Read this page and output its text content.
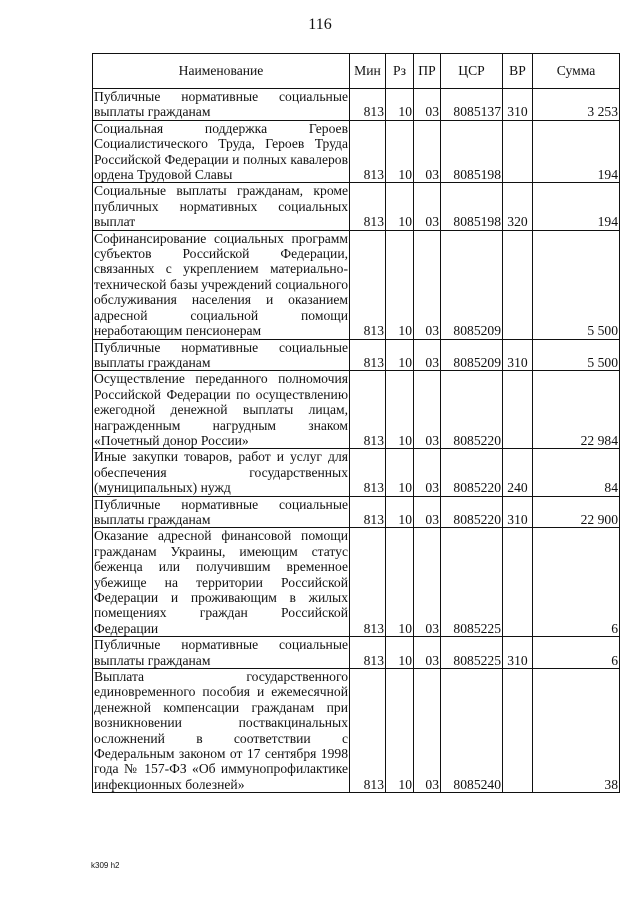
116
Наименование	Мин	Рз	ПР	ЦСР	ВР	Сумма
Публичные нормативные социальные выплаты гражданам	813	10	03	8085137	310	3 253
Социальная поддержка Героев Социалистического Труда, Героев Труда Российской Федерации и полных кавалеров ордена Трудовой Славы	813	10	03	8085198		194
Социальные выплаты гражданам, кроме публичных нормативных социальных выплат	813	10	03	8085198	320	194
Софинансирование социальных программ субъектов Российской Федерации, связанных с укреплением материально-технической базы учреждений социального обслуживания населения и оказанием адресной социальной помощи неработающим пенсионерам	813	10	03	8085209		5 500
Публичные нормативные социальные выплаты гражданам	813	10	03	8085209	310	5 500
Осуществление переданного полномочия Российской Федерации по осуществлению ежегодной денежной выплаты лицам, награжденным нагрудным знаком «Почетный донор России»	813	10	03	8085220		22 984
Иные закупки товаров, работ и услуг для обеспечения государственных (муниципальных) нужд	813	10	03	8085220	240	84
Публичные нормативные социальные выплаты гражданам	813	10	03	8085220	310	22 900
Оказание адресной финансовой помощи гражданам Украины, имеющим статус беженца или получившим временное убежище на территории Российской Федерации и проживающим в жилых помещениях граждан Российской Федерации	813	10	03	8085225		6
Публичные нормативные социальные выплаты гражданам	813	10	03	8085225	310	6
Выплата государственного единовременного пособия и ежемесячной денежной компенсации гражданам при возникновении поствакцинальных осложнений в соответствии с Федеральным законом от 17 сентября 1998 года № 157-ФЗ «Об иммунопрофилактике инфекционных болезней»	813	10	03	8085240		38
k309 h2
